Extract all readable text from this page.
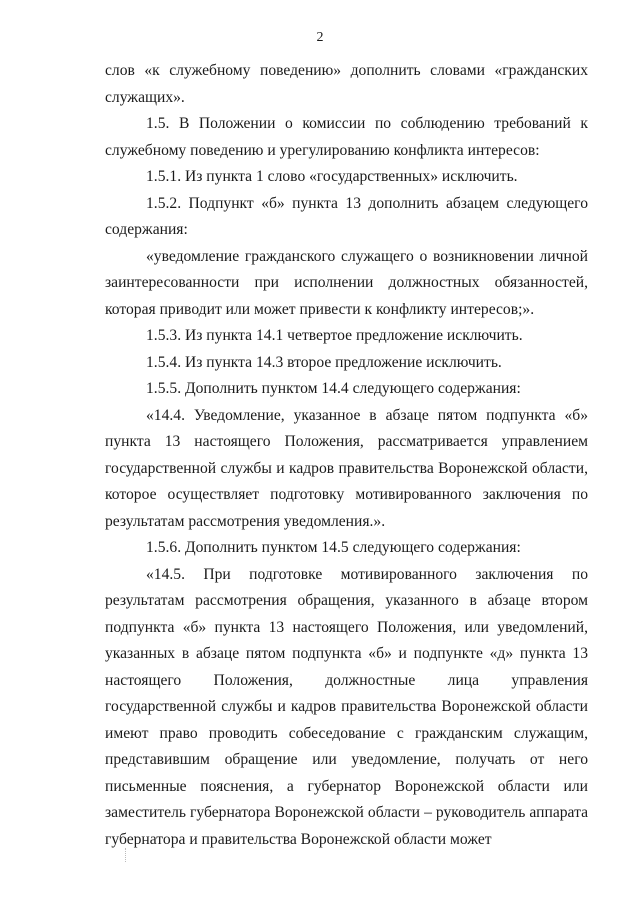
2

слов «к служебному поведению» дополнить словами «гражданских служащих».

1.5. В Положении о комиссии по соблюдению требований к служебному поведению и урегулированию конфликта интересов:

1.5.1. Из пункта 1 слово «государственных» исключить.

1.5.2. Подпункт «б» пункта 13 дополнить абзацем следующего содержания:

«уведомление гражданского служащего о возникновении личной заинтересованности при исполнении должностных обязанностей, которая приводит или может привести к конфликту интересов;».

1.5.3. Из пункта 14.1 четвертое предложение исключить.

1.5.4. Из пункта 14.3 второе предложение исключить.

1.5.5. Дополнить пунктом 14.4 следующего содержания:

«14.4. Уведомление, указанное в абзаце пятом подпункта «б» пункта 13 настоящего Положения, рассматривается управлением государственной службы и кадров правительства Воронежской области, которое осуществляет подготовку мотивированного заключения по результатам рассмотрения уведомления.».

1.5.6. Дополнить пунктом 14.5 следующего содержания:

«14.5. При подготовке мотивированного заключения по результатам рассмотрения обращения, указанного в абзаце втором подпункта «б» пункта 13 настоящего Положения, или уведомлений, указанных в абзаце пятом подпункта «б» и подпункте «д» пункта 13 настоящего Положения, должностные лица управления государственной службы и кадров правительства Воронежской области имеют право проводить собеседование с гражданским служащим, представившим обращение или уведомление, получать от него письменные пояснения, а губернатор Воронежской области или заместитель губернатора Воронежской области – руководитель аппарата губернатора и правительства Воронежской области может
